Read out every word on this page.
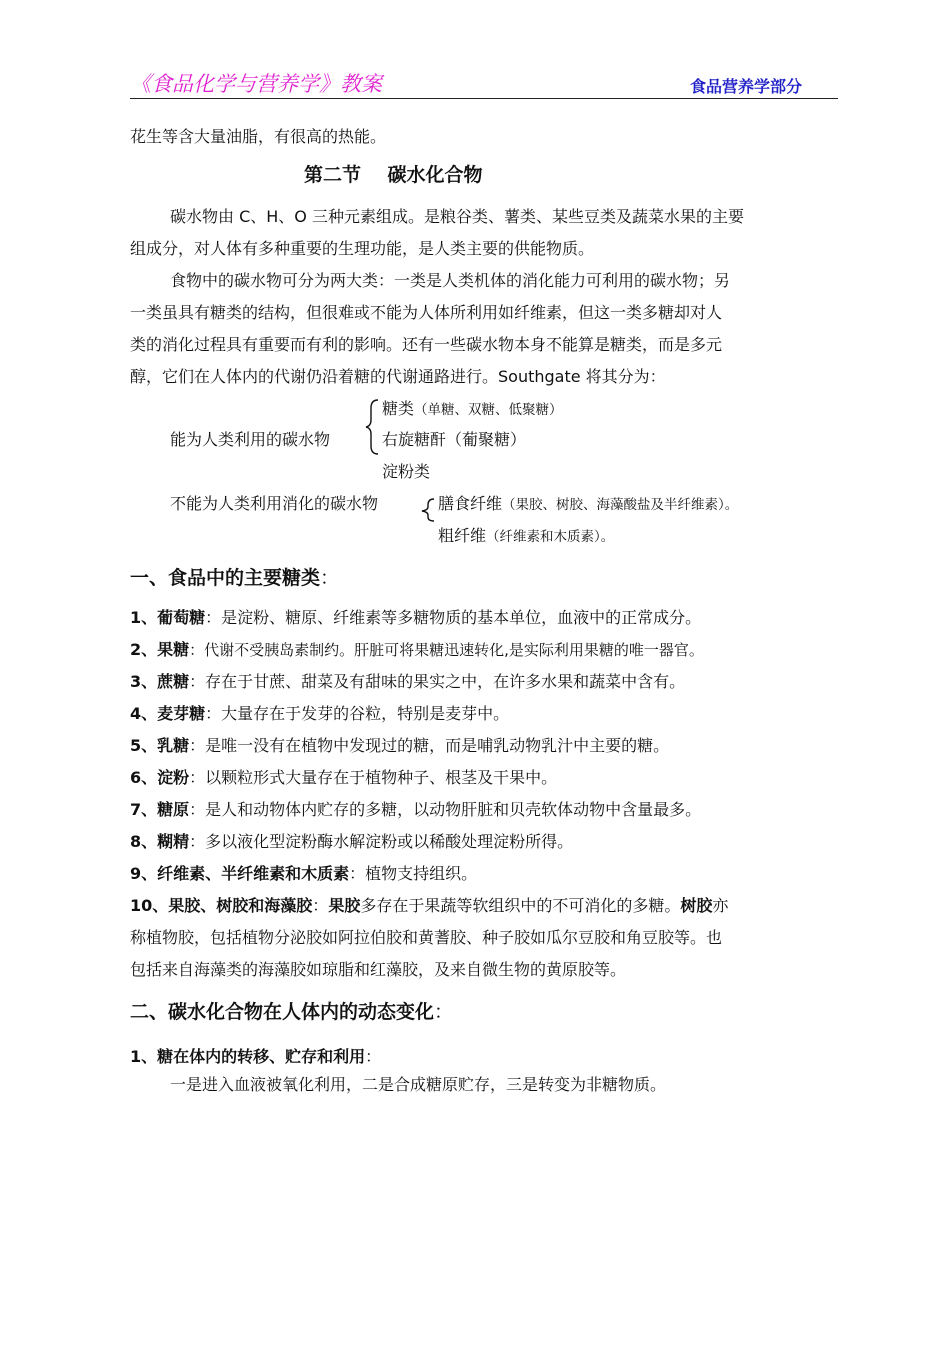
《食品化学与营养学》教案	食品营养学部分
花生等含大量油脂，有很高的热能。
第二节    碳水化合物
碳水物由 C、H、O 三种元素组成。是粮谷类、薯类、某些豆类及蔬菜水果的主要
组成分，对人体有多种重要的生理功能，是人类主要的供能物质。
食物中的碳水物可分为两大类：一类是人类机体的消化能力可利用的碳水物；另
一类虽具有糖类的结构，但很难或不能为人体所利用如纤维素，但这一类多糖却对人
类的消化过程具有重要而有利的影响。还有一些碳水物本身不能算是糖类，而是多元
醇，它们在人体内的代谢仍沿着糖的代谢通路进行。Southgate 将其分为：
能为人类利用的碳水物
糖类（单糖、双糖、低聚糖）
右旋糖酐（葡聚糖）
淀粉类
不能为人类利用消化的碳水物	膳食纤维（果胶、树胶、海藻酸盐及半纤维素）。
粗纤维（纤维素和木质素）。
一、食品中的主要糖类：
1、葡萄糖：是淀粉、糖原、纤维素等多糖物质的基本单位，血液中的正常成分。
2、果糖：代谢不受胰岛素制约。肝脏可将果糖迅速转化,是实际利用果糖的唯一器官。
3、蔗糖：存在于甘蔗、甜菜及有甜味的果实之中，在许多水果和蔬菜中含有。
4、麦芽糖：大量存在于发芽的谷粒，特别是麦芽中。
5、乳糖：是唯一没有在植物中发现过的糖，而是哺乳动物乳汁中主要的糖。
6、淀粉：以颗粒形式大量存在于植物种子、根茎及干果中。
7、糖原：是人和动物体内贮存的多糖，以动物肝脏和贝壳软体动物中含量最多。
8、糊精：多以液化型淀粉酶水解淀粉或以稀酸处理淀粉所得。
9、纤维素、半纤维素和木质素：植物支持组织。
10、果胶、树胶和海藻胶：果胶多存在于果蔬等软组织中的不可消化的多糖。树胶亦
称植物胶，包括植物分泌胶如阿拉伯胶和黄蓍胶、种子胶如瓜尔豆胶和角豆胶等。也
包括来自海藻类的海藻胶如琼脂和红藻胶，及来自微生物的黄原胶等。
二、碳水化合物在人体内的动态变化：
1、糖在体内的转移、贮存和利用：
一是进入血液被氧化利用，二是合成糖原贮存，三是转变为非糖物质。
